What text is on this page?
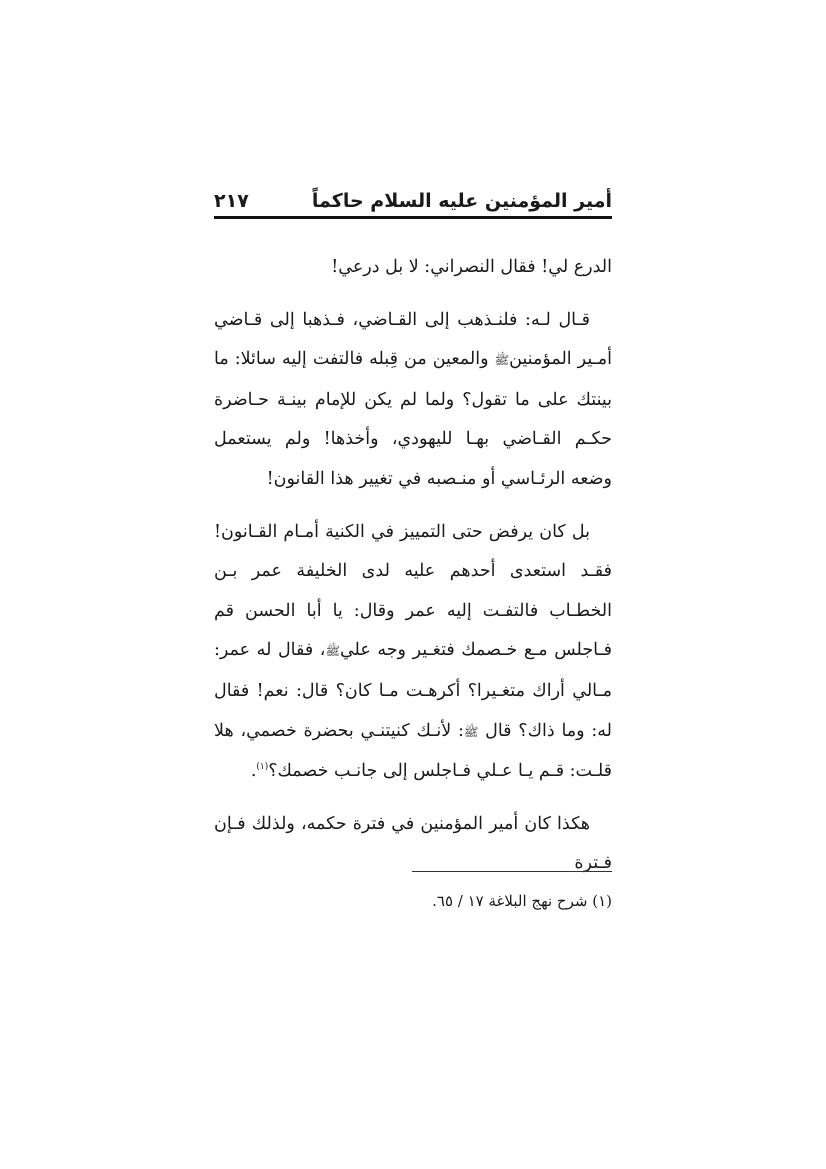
أمير المؤمنين عليه السلام حاكماً
٢١٧

الدرع لي! فقال النصراني: لا بل درعي!

قـال لـه: فلنـذهب إلى القـاضي، فـذهبا إلى قـاضي أمـير المؤمنينﷺ والمعين من قِبله فالتفت إليه سائلا: ما بينتك على ما تقول؟ ولما لم يكن للإمام بينـة حـاضرة حكـم القـاضي بهـا لليهودي، وأخذها! ولم يستعمل وضعه الرئـاسي أو منـصبه في تغيير هذا القانون!

بل كان يرفض حتى التمييز في الكنية أمـام القـانون! فقـد استعدى أحدهم عليه لدى الخليفة عمر بـن الخطـاب فالتفـت إليه عمر وقال: يا أبا الحسن قم فـاجلس مـع خـصمك فتغـير وجه عليﷺ، فقال له عمر: مـالي أراك متغـيرا؟ أكرهـت مـا كان؟ قال: نعم! فقال له: وما ذاك؟ قال ﷺ: لأنـك كنيتنـي بحضرة خصمي، هلا قلـت: قـم يـا عـلي فـاجلس إلى جانـب خصمك؟$^{(١)}$.

هكذا كان أمير المؤمنين في فترة حكمه، ولذلك فـإن فـترة

(١) شرح نهج البلاغة ١٧ / ٦٥.
